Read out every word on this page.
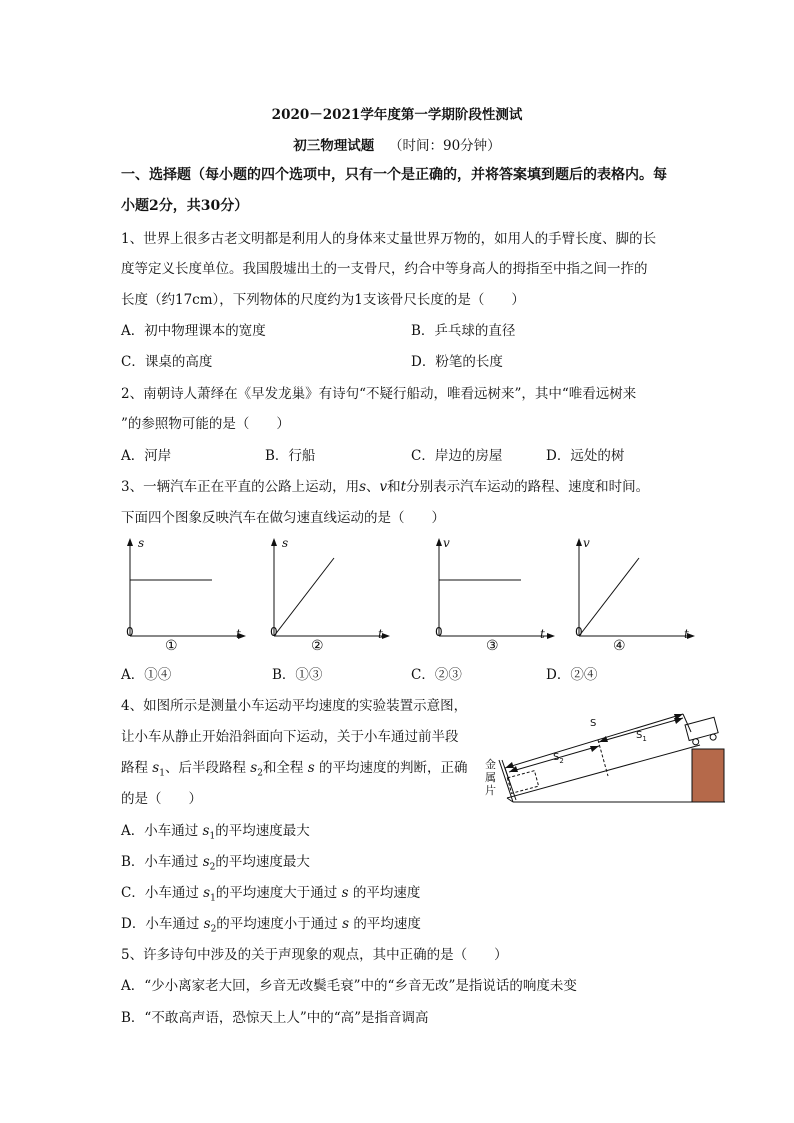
2020－2021学年度第一学期阶段性测试
初三物理试题 （时间：90分钟）
一、选择题（每小题的四个选项中，只有一个是正确的，并将答案填到题后的表格内。每
小题2分，共30分）
1、世界上很多古老文明都是利用人的身体来丈量世界万物的，如用人的手臂长度、脚的长
度等定义长度单位。我国殷墟出土的一支骨尺，约合中等身高人的拇指至中指之间一拃的
长度（约17cm），下列物体的尺度约为1支该骨尺长度的是（　　）
A．初中物理课本的宽度	B．乒乓球的直径
C．课桌的高度	D．粉笔的长度
2、南朝诗人萧绎在《早发龙巢》有诗句“不疑行船动，唯看远树来”，其中“唯看远树来
”的参照物可能的是（　　）
A．河岸	B．行船	C．岸边的房屋	D．远处的树
3、一辆汽车正在平直的公路上运动，用s、v和t分别表示汽车运动的路程、速度和时间。
下面四个图象反映汽车在做匀速直线运动的是（　　）
s
t
0
①
s
t
0
②
v
t
0
③
v
t
0
④
A．①④	B．①③	C．②③	D．②④
4、如图所示是测量小车运动平均速度的实验装置示意图，
让小车从静止开始沿斜面向下运动，关于小车通过前半段
路程 $s_1$、后半段路程 $s_2$和全程 s 的平均速度的判断，正确
的是（　　）
S
$S_1$
$S_2$
金
属
片
A．小车通过 $s_1$的平均速度最大
B．小车通过 $s_2$的平均速度最大
C．小车通过 $s_1$的平均速度大于通过 s 的平均速度
D．小车通过 $s_2$的平均速度小于通过 s 的平均速度
5、许多诗句中涉及的关于声现象的观点，其中正确的是（　　）
A．“少小离家老大回，乡音无改鬓毛衰”中的“乡音无改”是指说话的响度未变
B．“不敢高声语，恐惊天上人”中的“高”是指音调高
